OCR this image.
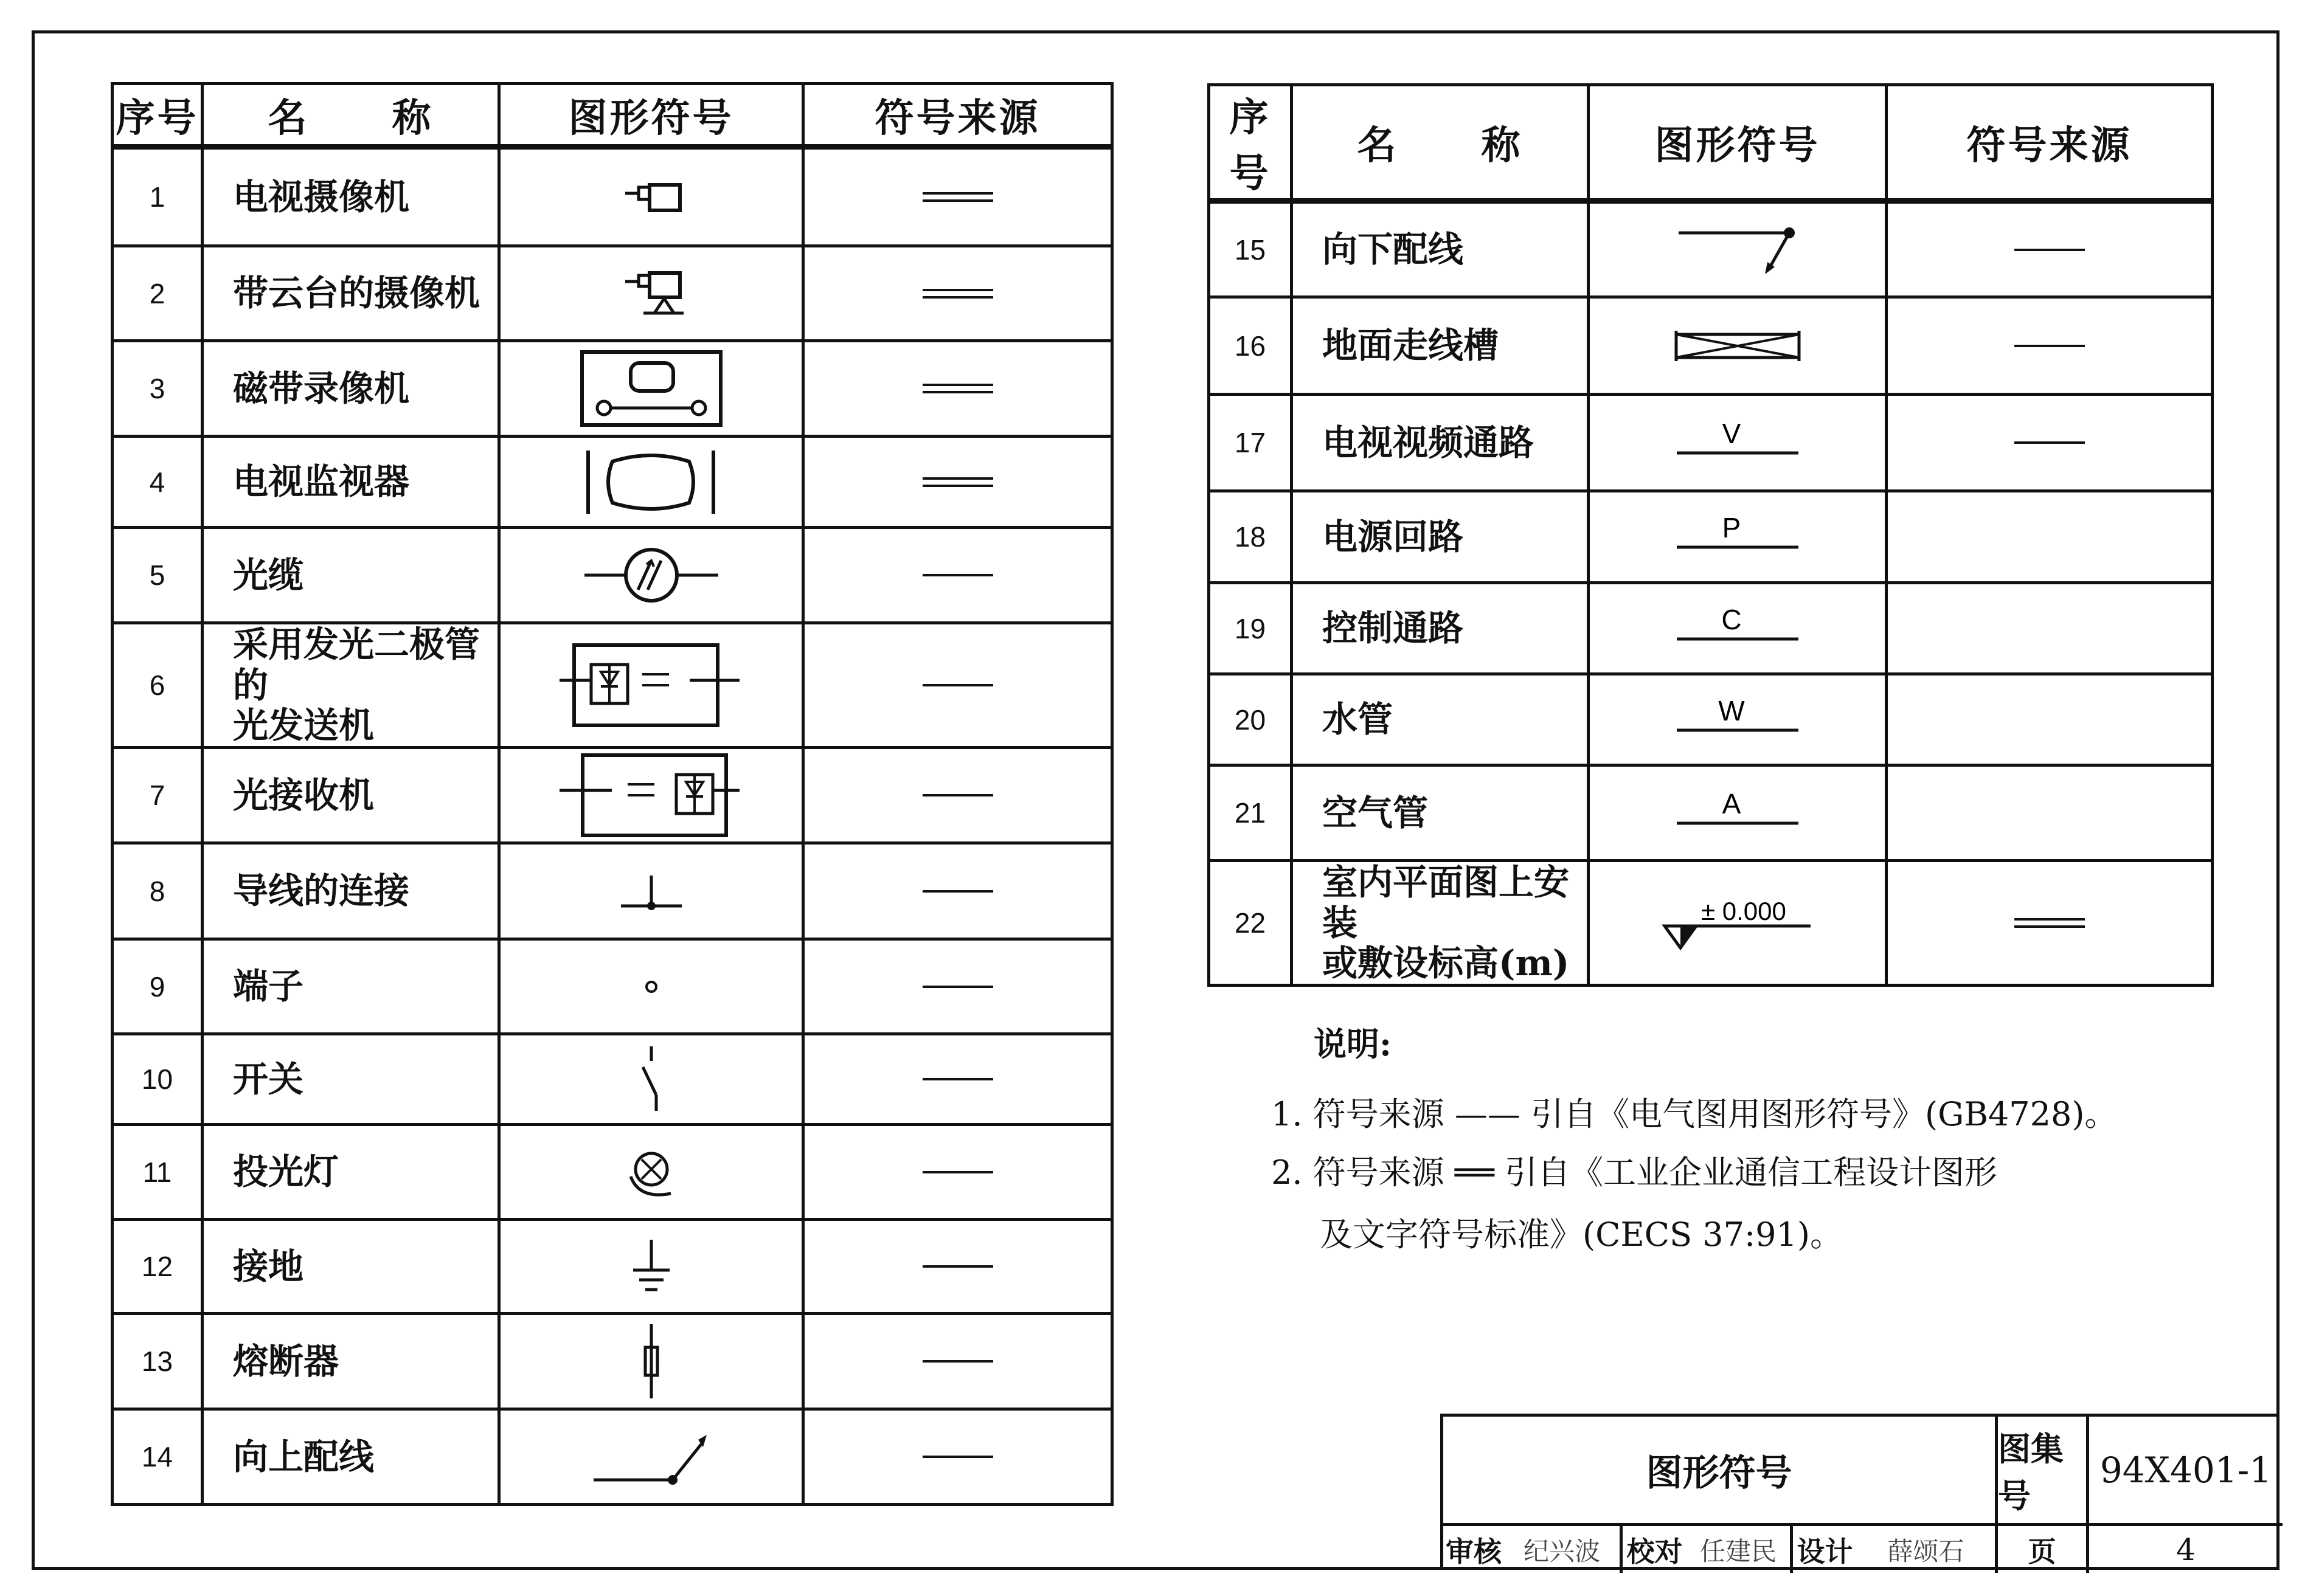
序号	名　　称	图形符号	符号来源
1	电视摄像机	

2	带云台的摄像机	

3	磁带录像机	

4	电视监视器	

5	光缆	

6	采用发光二极管的
光发送机

7	光接收机	

8	导线的连接	

9	端子	

10	开关	

11	投光灯	

12	接地	

13	熔断器	

14	向上配线	

序号	名　　称	图形符号	符号来源
15	向下配线	

16	地面走线槽	

17	电视视频通路	V

18	电源回路	P	

19	控制通路	C	

20	水管	W	

21	空气管	A	

22	室内平面图上安装
或敷设标高(m)	± 0.000

说明:
1. 符号来源 —— 引自《电气图用图形符号》(GB4728)。
2. 符号来源 ══ 引自《工业企业通信工程设计图形
及文字符号标准》(CECS 37:91)。
图形符号
图集号
94X401-1
审核 纪兴波 校对 任建民 设计	薛颂石	页	4
